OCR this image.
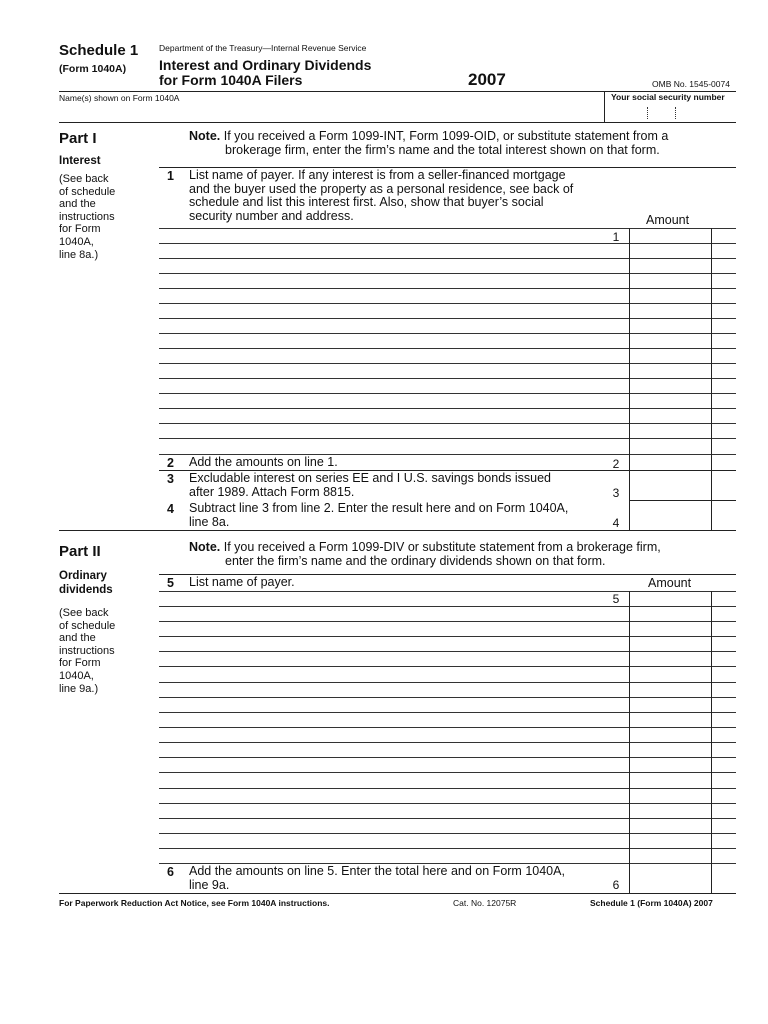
Schedule 1
(Form 1040A)
Department of the Treasury—Internal Revenue Service
Interest and Ordinary Dividends
for Form 1040A Filers	2007	OMB No. 1545-0074
Name(s) shown on Form 1040A	Your social security number
Part I
Interest
(See back
of schedule
and the
instructions
for Form
1040A,
line 8a.)
Note. If you received a Form 1099-INT, Form 1099-OID, or substitute statement from a
brokerage firm, enter the firm’s name and the total interest shown on that form.
1 List name of payer. If any interest is from a seller-financed mortgage
and the buyer used the property as a personal residence, see back of
schedule and list this interest first. Also, show that buyer’s social
security number and address.	Amount
1
2 Add the amounts on line 1.	2
3 Excludable interest on series EE and I U.S. savings bonds issued
after 1989. Attach Form 8815.	3
4 Subtract line 3 from line 2. Enter the result here and on Form 1040A,
line 8a.	4
Part II
Ordinary
dividends
(See back
of schedule
and the
instructions
for Form
1040A,
line 9a.)
Note. If you received a Form 1099-DIV or substitute statement from a brokerage firm,
enter the firm’s name and the ordinary dividends shown on that form.
5 List name of payer.	Amount
5
6 Add the amounts on line 5. Enter the total here and on Form 1040A,
line 9a.	6
For Paperwork Reduction Act Notice, see Form 1040A instructions.	Cat. No. 12075R	Schedule 1 (Form 1040A) 2007
